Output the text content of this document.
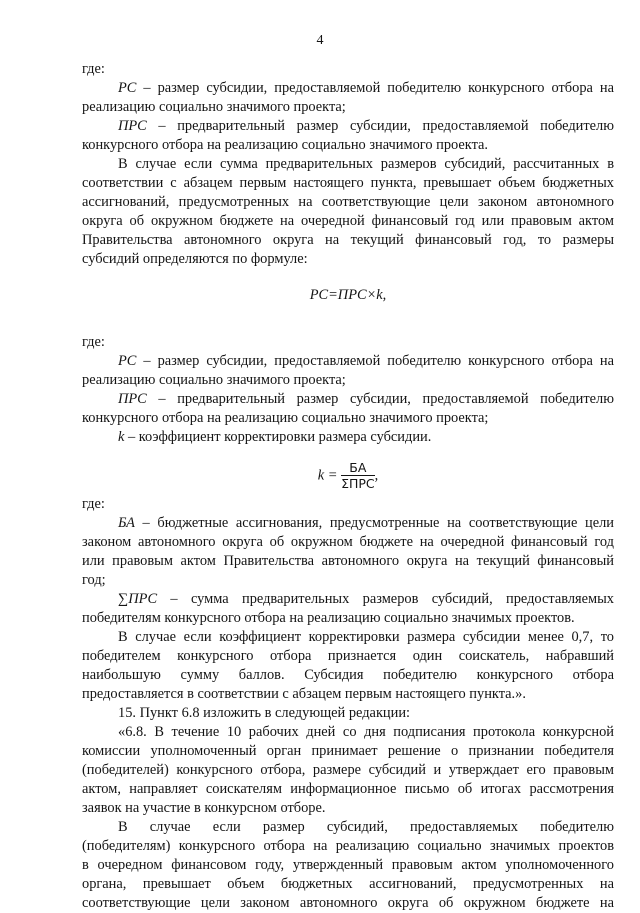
4

где:

РС – размер субсидии, предоставляемой победителю конкурсного отбора на

реализацию социально значимого проекта;

ПРС – предварительный размер субсидии, предоставляемой победителю

конкурсного отбора на реализацию социально значимого проекта.

В случае если сумма предварительных размеров субсидий, рассчитанных в

соответствии с абзацем первым настоящего пункта, превышает объем бюджетных

ассигнований, предусмотренных на соответствующие цели законом автономного

округа об окружном бюджете на очередной финансовый год или правовым актом

Правительства автономного округа на текущий финансовый год, то размеры

субсидий определяются по формуле:

РС=ПРС×k,

где:

РС – размер субсидии, предоставляемой победителю конкурсного отбора на

реализацию социально значимого проекта;

ПРС – предварительный размер субсидии, предоставляемой победителю

конкурсного отбора на реализацию социально значимого проекта;

k – коэффициент корректировки размера субсидии.

$k = \frac{БА}{\text{ΣПРС}}$ ,

где:

БА – бюджетные ассигнования, предусмотренные на соответствующие цели

законом автономного округа об окружном бюджете на очередной финансовый год

или правовым актом Правительства автономного округа на текущий финансовый

год;

∑ПРС – сумма предварительных размеров субсидий, предоставляемых

победителям конкурсного отбора на реализацию социально значимых проектов.

В случае если коэффициент корректировки размера субсидии менее 0,7, то

победителем конкурсного отбора признается один соискатель, набравший

наибольшую сумму баллов. Субсидия победителю конкурсного отбора

предоставляется в соответствии с абзацем первым настоящего пункта.».

15. Пункт 6.8 изложить в следующей редакции:

«6.8. В течение 10 рабочих дней со дня подписания протокола конкурсной

комиссии уполномоченный орган принимает решение о признании победителя

(победителей) конкурсного отбора, размере субсидий и утверждает его правовым

актом, направляет соискателям информационное письмо об итогах рассмотрения

заявок на участие в конкурсном отборе.

В случае если размер субсидий, предоставляемых победителю

(победителям) конкурсного отбора на реализацию социально значимых проектов

в очередном финансовом году, утвержденный правовым актом уполномоченного

органа, превышает объем бюджетных ассигнований, предусмотренных на

соответствующие цели законом автономного округа об окружном бюджете на
